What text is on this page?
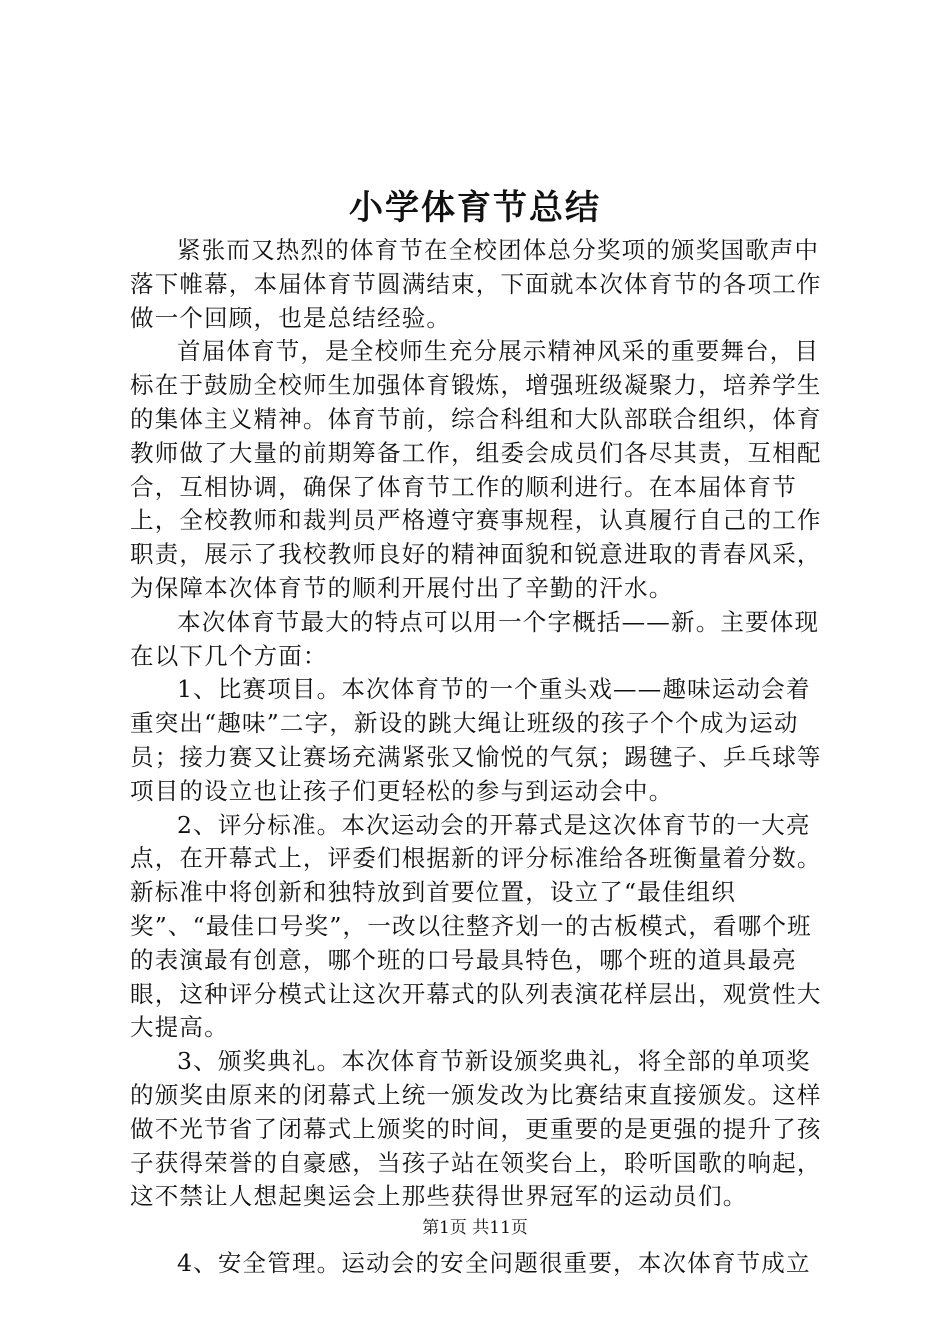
小学体育节总结

紧张而又热烈的体育节在全校团体总分奖项的颁奖国歌声中落下帷幕，本届体育节圆满结束，下面就本次体育节的各项工作做一个回顾，也是总结经验。

首届体育节，是全校师生充分展示精神风采的重要舞台，目标在于鼓励全校师生加强体育锻炼，增强班级凝聚力，培养学生的集体主义精神。体育节前，综合科组和大队部联合组织，体育教师做了大量的前期筹备工作，组委会成员们各尽其责，互相配合，互相协调，确保了体育节工作的顺利进行。在本届体育节上，全校教师和裁判员严格遵守赛事规程，认真履行自己的工作职责，展示了我校教师良好的精神面貌和锐意进取的青春风采，为保障本次体育节的顺利开展付出了辛勤的汗水。

本次体育节最大的特点可以用一个字概括——新。主要体现在以下几个方面：

1、比赛项目。本次体育节的一个重头戏——趣味运动会着重突出“趣味”二字，新设的跳大绳让班级的孩子个个成为运动员；接力赛又让赛场充满紧张又愉悦的气氛；踢毽子、乒乓球等项目的设立也让孩子们更轻松的参与到运动会中。

2、评分标准。本次运动会的开幕式是这次体育节的一大亮点，在开幕式上，评委们根据新的评分标准给各班衡量着分数。新标准中将创新和独特放到首要位置，设立了“最佳组织奖”、“最佳口号奖”，一改以往整齐划一的古板模式，看哪个班的表演最有创意，哪个班的口号最具特色，哪个班的道具最亮眼，这种评分模式让这次开幕式的队列表演花样层出，观赏性大大提高。

3、颁奖典礼。本次体育节新设颁奖典礼，将全部的单项奖的颁奖由原来的闭幕式上统一颁发改为比赛结束直接颁发。这样做不光节省了闭幕式上颁奖的时间，更重要的是更强的提升了孩子获得荣誉的自豪感，当孩子站在领奖台上，聆听国歌的响起，这不禁让人想起奥运会上那些获得世界冠军的运动员们。

4、安全管理。运动会的安全问题很重要，本次体育节成立

第1页 共11页
